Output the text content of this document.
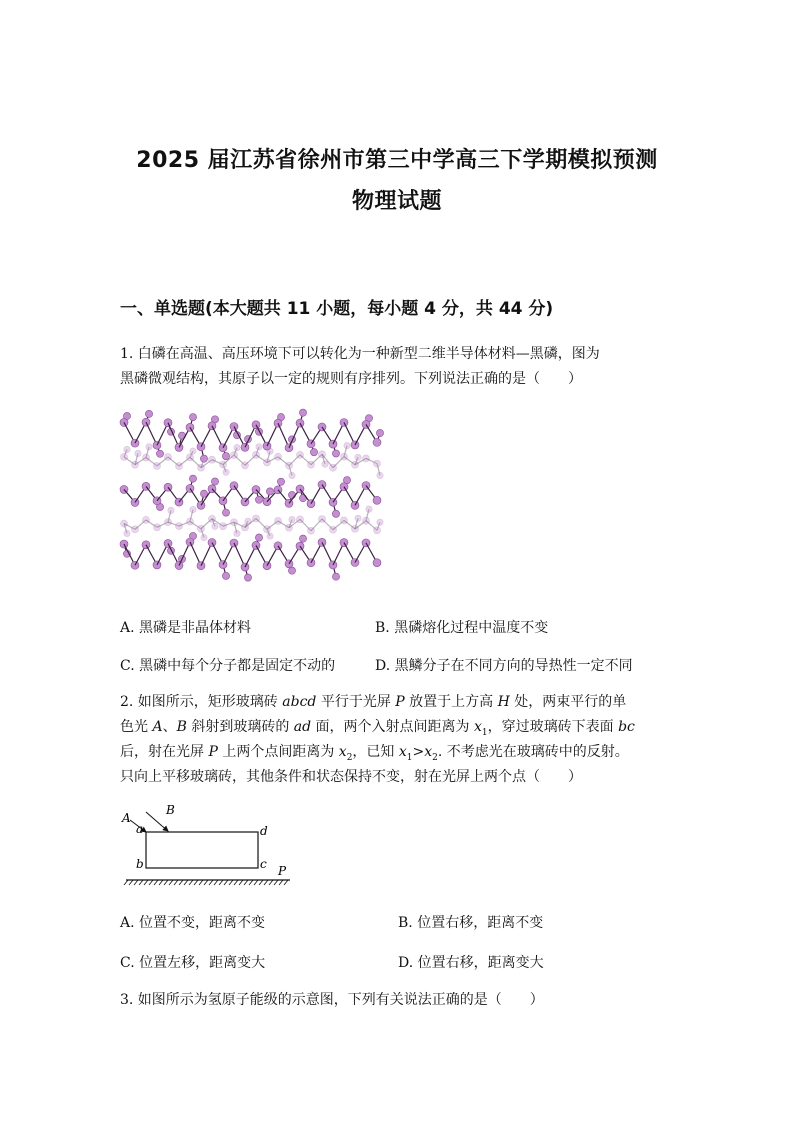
2025 届江苏省徐州市第三中学高三下学期模拟预测
物理试题
一、单选题(本大题共 11 小题，每小题 4 分，共 44 分)
1. 白磷在高温、高压环境下可以转化为一种新型二维半导体材料—黑磷，图为
黑磷微观结构，其原子以一定的规则有序排列。下列说法正确的是（　　）
A. 黑磷是非晶体材料	B. 黑磷熔化过程中温度不变
C. 黑磷中每个分子都是固定不动的	D. 黑鳞分子在不同方向的导热性一定不同
2. 如图所示，矩形玻璃砖 abcd 平行于光屏 P 放置于上方高 H 处，两束平行的单
色光 A、B 斜射到玻璃砖的 ad 面，两个入射点间距离为 $x_1$，穿过玻璃砖下表面 bc
后，射在光屏 P 上两个点间距离为 $x_2$，已知 $x_1>x_2$. 不考虑光在玻璃砖中的反射。
只向上平移玻璃砖，其他条件和状态保持不变，射在光屏上两个点（　　）
A
B
a
b	c
d
P
A. 位置不变，距离不变	B. 位置右移，距离不变
C. 位置左移，距离变大	D. 位置右移，距离变大
3. 如图所示为氢原子能级的示意图，下列有关说法正确的是（　　）
